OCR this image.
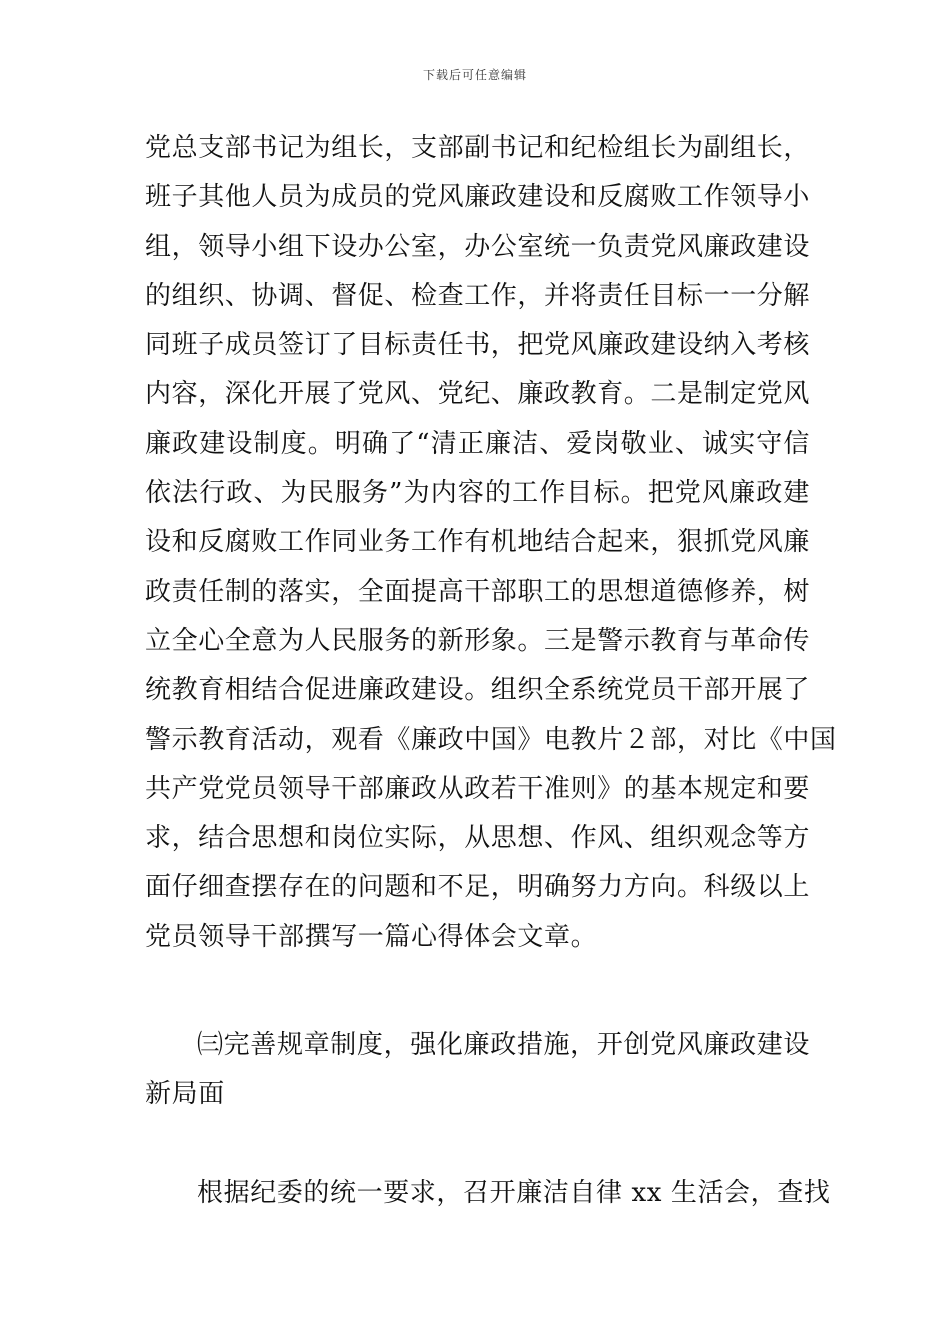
下载后可任意编辑
党总支部书记为组长，支部副书记和纪检组长为副组长，
班子其他人员为成员的党风廉政建设和反腐败工作领导小
组，领导小组下设办公室，办公室统一负责党风廉政建设
的组织、协调、督促、检查工作，并将责任目标一一分解
同班子成员签订了目标责任书，把党风廉政建设纳入考核
内容，深化开展了党风、党纪、廉政教育。二是制定党风
廉政建设制度。明确了“清正廉洁、爱岗敬业、诚实守信
依法行政、为民服务”为内容的工作目标。把党风廉政建
设和反腐败工作同业务工作有机地结合起来，狠抓党风廉
政责任制的落实，全面提高干部职工的思想道德修养，树
立全心全意为人民服务的新形象。三是警示教育与革命传
统教育相结合促进廉政建设。组织全系统党员干部开展了
警示教育活动，观看《廉政中国》电教片２部，对比《中国
共产党党员领导干部廉政从政若干准则》的基本规定和要
求，结合思想和岗位实际，从思想、作风、组织观念等方
面仔细查摆存在的问题和不足，明确努力方向。科级以上
党员领导干部撰写一篇心得体会文章。
㈢完善规章制度，强化廉政措施，开创党风廉政建设
新局面
根据纪委的统一要求，召开廉洁自律 xx 生活会，查找
